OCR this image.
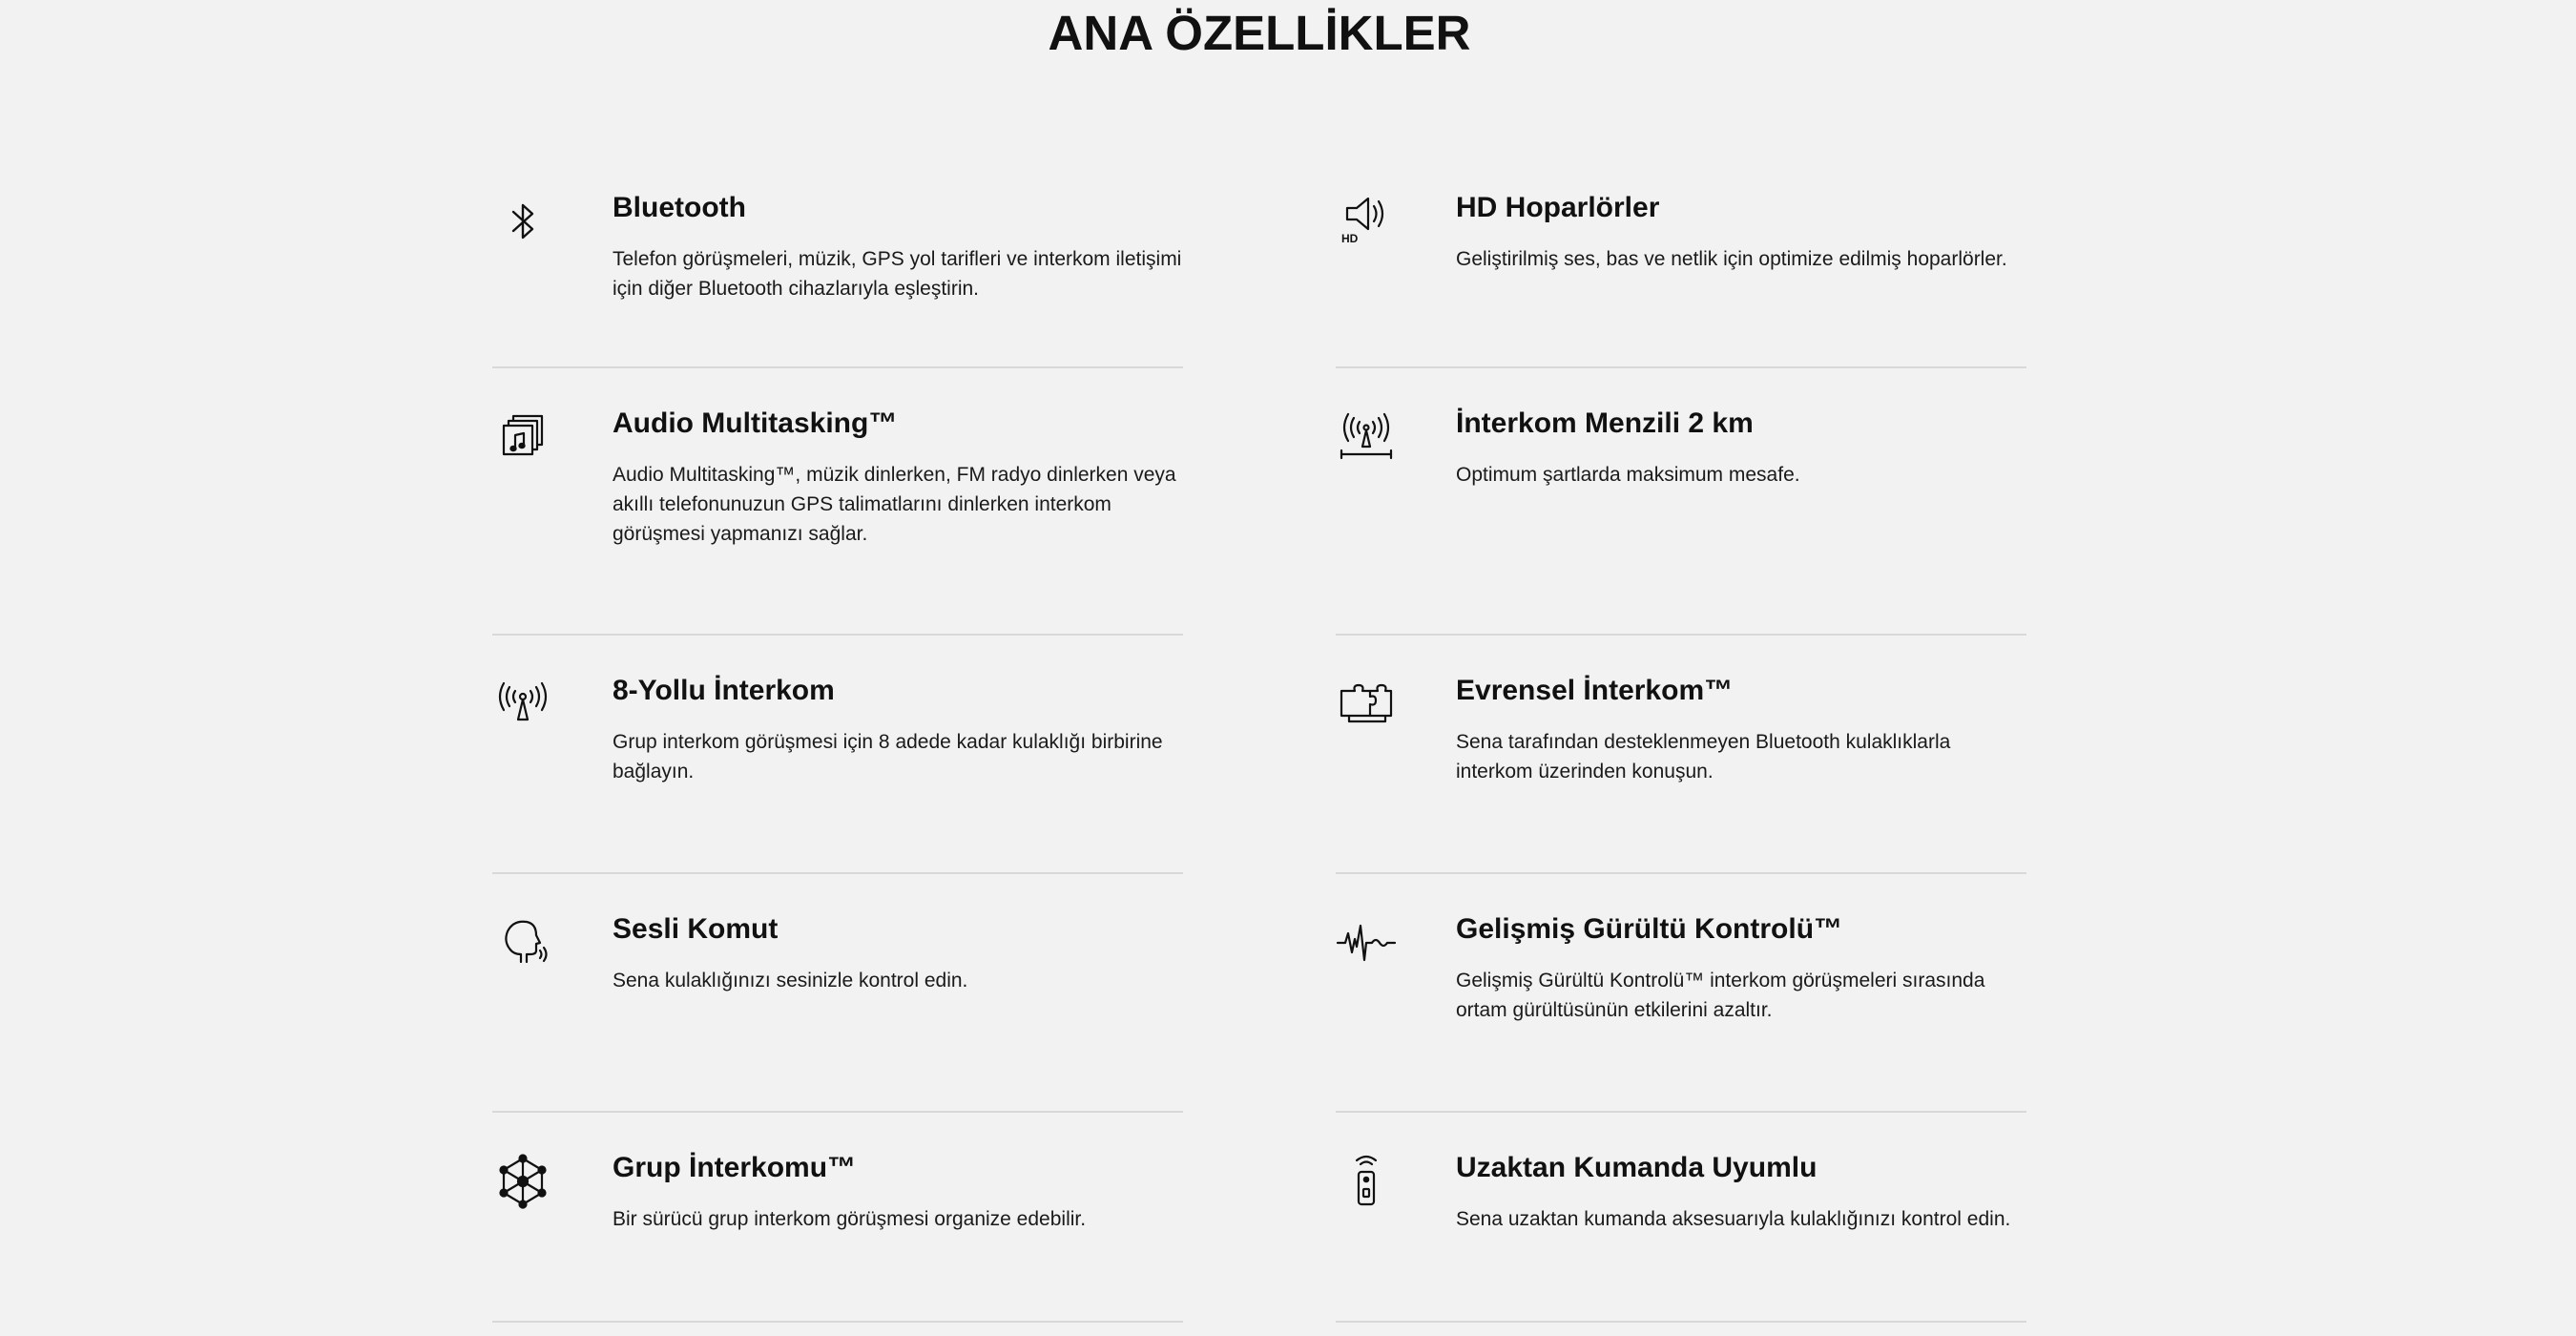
ANA ÖZELLİKLER
Bluetooth

Telefon görüşmeleri, müzik, GPS yol tarifleri ve interkom iletişimi için diğer Bluetooth cihazlarıyla eşleştirin.

Audio Multitasking™

Audio Multitasking™, müzik dinlerken, FM radyo dinlerken veya akıllı telefonunuzun GPS talimatlarını dinlerken interkom görüşmesi yapmanızı sağlar.

8-Yollu İnterkom

Grup interkom görüşmesi için 8 adede kadar kulaklığı birbirine bağlayın.

Sesli Komut

Sena kulaklığınızı sesinizle kontrol edin.

Grup İnterkomu™

Bir sürücü grup interkom görüşmesi organize edebilir.

HD
HD Hoparlörler

Geliştirilmiş ses, bas ve netlik için optimize edilmiş hoparlörler.

İnterkom Menzili 2 km

Optimum şartlarda maksimum mesafe.

Evrensel İnterkom™

Sena tarafından desteklenmeyen Bluetooth kulaklıklarla interkom üzerinden konuşun.

Gelişmiş Gürültü Kontrolü™

Gelişmiş Gürültü Kontrolü™ interkom görüşmeleri sırasında ortam gürültüsünün etkilerini azaltır.

Uzaktan Kumanda Uyumlu

Sena uzaktan kumanda aksesuarıyla kulaklığınızı kontrol edin.
